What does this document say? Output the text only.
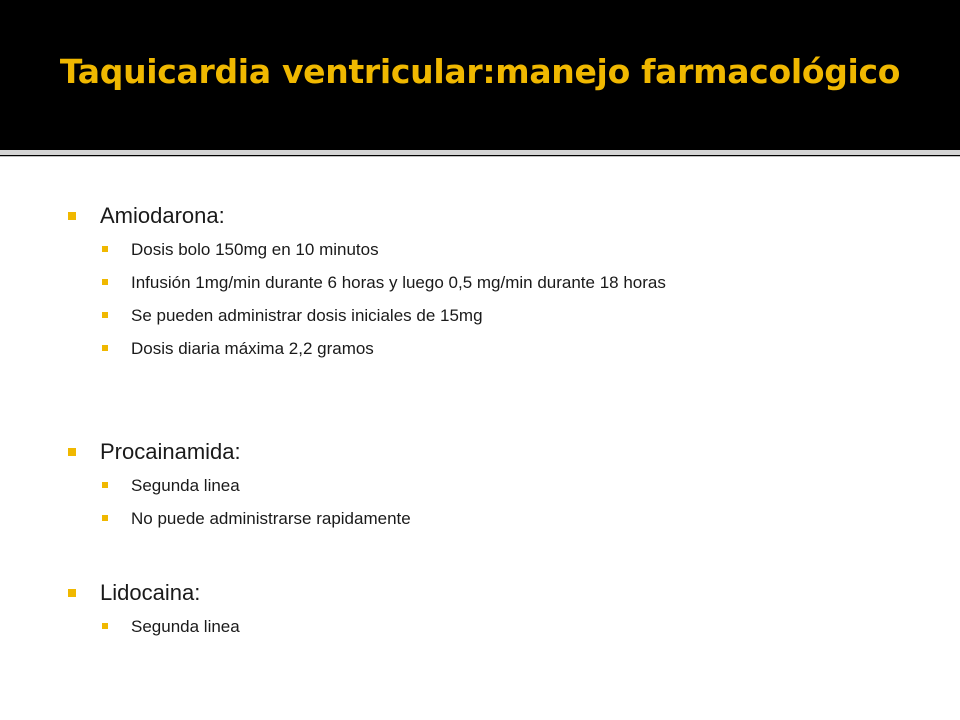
Taquicardia ventricular:manejo farmacológico
Amiodarona:
Dosis bolo 150mg en 10 minutos
Infusión 1mg/min durante 6 horas y luego 0,5 mg/min durante 18 horas
Se pueden administrar dosis iniciales de 15mg
Dosis diaria máxima 2,2 gramos
Procainamida:
Segunda linea
No puede administrarse rapidamente
Lidocaina:
Segunda linea
